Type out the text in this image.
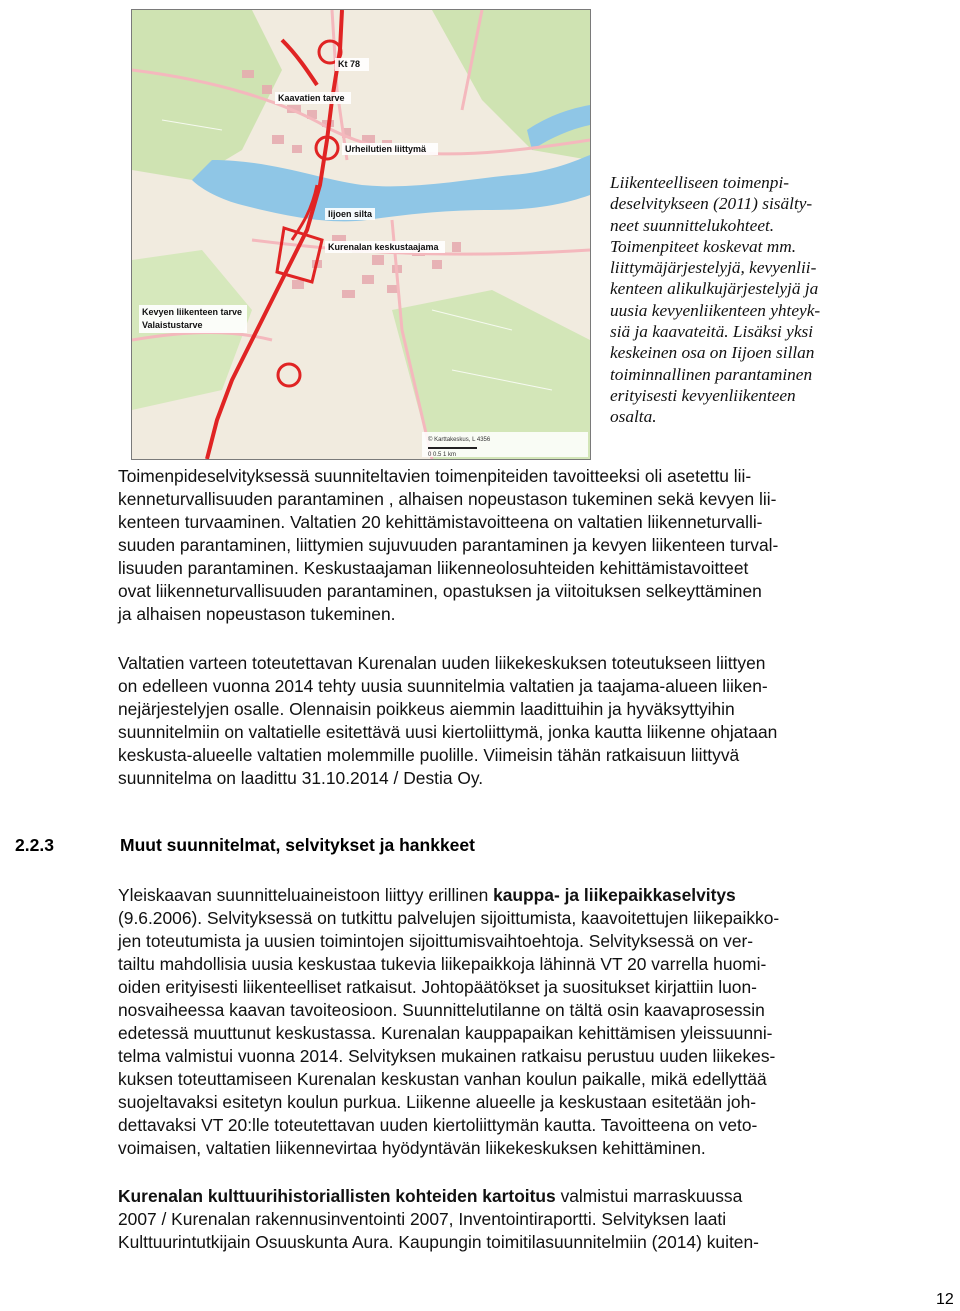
Kt 78
Kaavatien tarve
Urheilutien liittymä
Iijoen silta
Kurenalan keskustaajama
Kevyen liikenteen tarve
Valaistustarve
© Karttakeskus, L 4356
0 0.5 1 km
Liikenteelliseen toimenpi-
deselvitykseen (2011) sisälty-
neet suunnittelukohteet.
Toimenpiteet koskevat mm.
liittymäjärjestelyjä, kevyenlii-
kenteen alikulkujärjestelyjä ja
uusia kevyenliikenteen yhteyk-
siä ja kaavateitä. Lisäksi yksi
keskeinen osa on Iijoen sillan
toiminnallinen parantaminen
erityisesti kevyenliikenteen
osalta.
Toimenpideselvityksessä suunniteltavien toimenpiteiden tavoitteeksi oli asetettu lii-
kenneturvallisuuden parantaminen , alhaisen nopeustason tukeminen sekä kevyen lii-
kenteen turvaaminen. Valtatien 20 kehittämistavoitteena on valtatien liikenneturvalli-
suuden parantaminen, liittymien sujuvuuden parantaminen ja kevyen liikenteen turval-
lisuuden parantaminen. Keskustaajaman liikenneolosuhteiden kehittämistavoitteet
ovat liikenneturvallisuuden parantaminen, opastuksen ja viitoituksen selkeyttäminen
ja alhaisen nopeustason tukeminen.
Valtatien varteen toteutettavan Kurenalan uuden liikekeskuksen toteutukseen liittyen
on edelleen vuonna 2014 tehty uusia suunnitelmia valtatien ja taajama-alueen liiken-
nejärjestelyjen osalle. Olennaisin poikkeus aiemmin laadittuihin ja hyväksyttyihin
suunnitelmiin on valtatielle esitettävä uusi kiertoliittymä, jonka kautta liikenne ohjataan
keskusta-alueelle valtatien molemmille puolille. Viimeisin tähän ratkaisuun liittyvä
suunnitelma on laadittu 31.10.2014 / Destia Oy.
2.2.3	Muut suunnitelmat, selvitykset ja hankkeet
Yleiskaavan suunnitteluaineistoon liittyy erillinen kauppa- ja liikepaikkaselvitys
(9.6.2006). Selvityksessä on tutkittu palvelujen sijoittumista, kaavoitettujen liikepaikko-
jen toteutumista ja uusien toimintojen sijoittumisvaihtoehtoja. Selvityksessä on ver-
tailtu mahdollisia uusia keskustaa tukevia liikepaikkoja lähinnä VT 20 varrella huomi-
oiden erityisesti liikenteelliset ratkaisut. Johtopäätökset ja suositukset kirjattiin luon-
nosvaiheessa kaavan tavoiteosioon. Suunnittelutilanne on tältä osin kaavaprosessin
edetessä muuttunut keskustassa. Kurenalan kauppapaikan kehittämisen yleissuunni-
telma valmistui vuonna 2014. Selvityksen mukainen ratkaisu perustuu uuden liikekes-
kuksen toteuttamiseen Kurenalan keskustan vanhan koulun paikalle, mikä edellyttää
suojeltavaksi esitetyn koulun purkua. Liikenne alueelle ja keskustaan esitetään joh-
dettavaksi VT 20:lle toteutettavan uuden kiertoliittymän kautta. Tavoitteena on veto-
voimaisen, valtatien liikennevirtaa hyödyntävän liikekeskuksen kehittäminen.
Kurenalan kulttuurihistoriallisten kohteiden kartoitus valmistui marraskuussa
2007 / Kurenalan rakennusinventointi 2007, Inventointiraportti. Selvityksen laati
Kulttuurintutkijain Osuuskunta Aura. Kaupungin toimitilasuunnitelmiin (2014) kuiten-
12
